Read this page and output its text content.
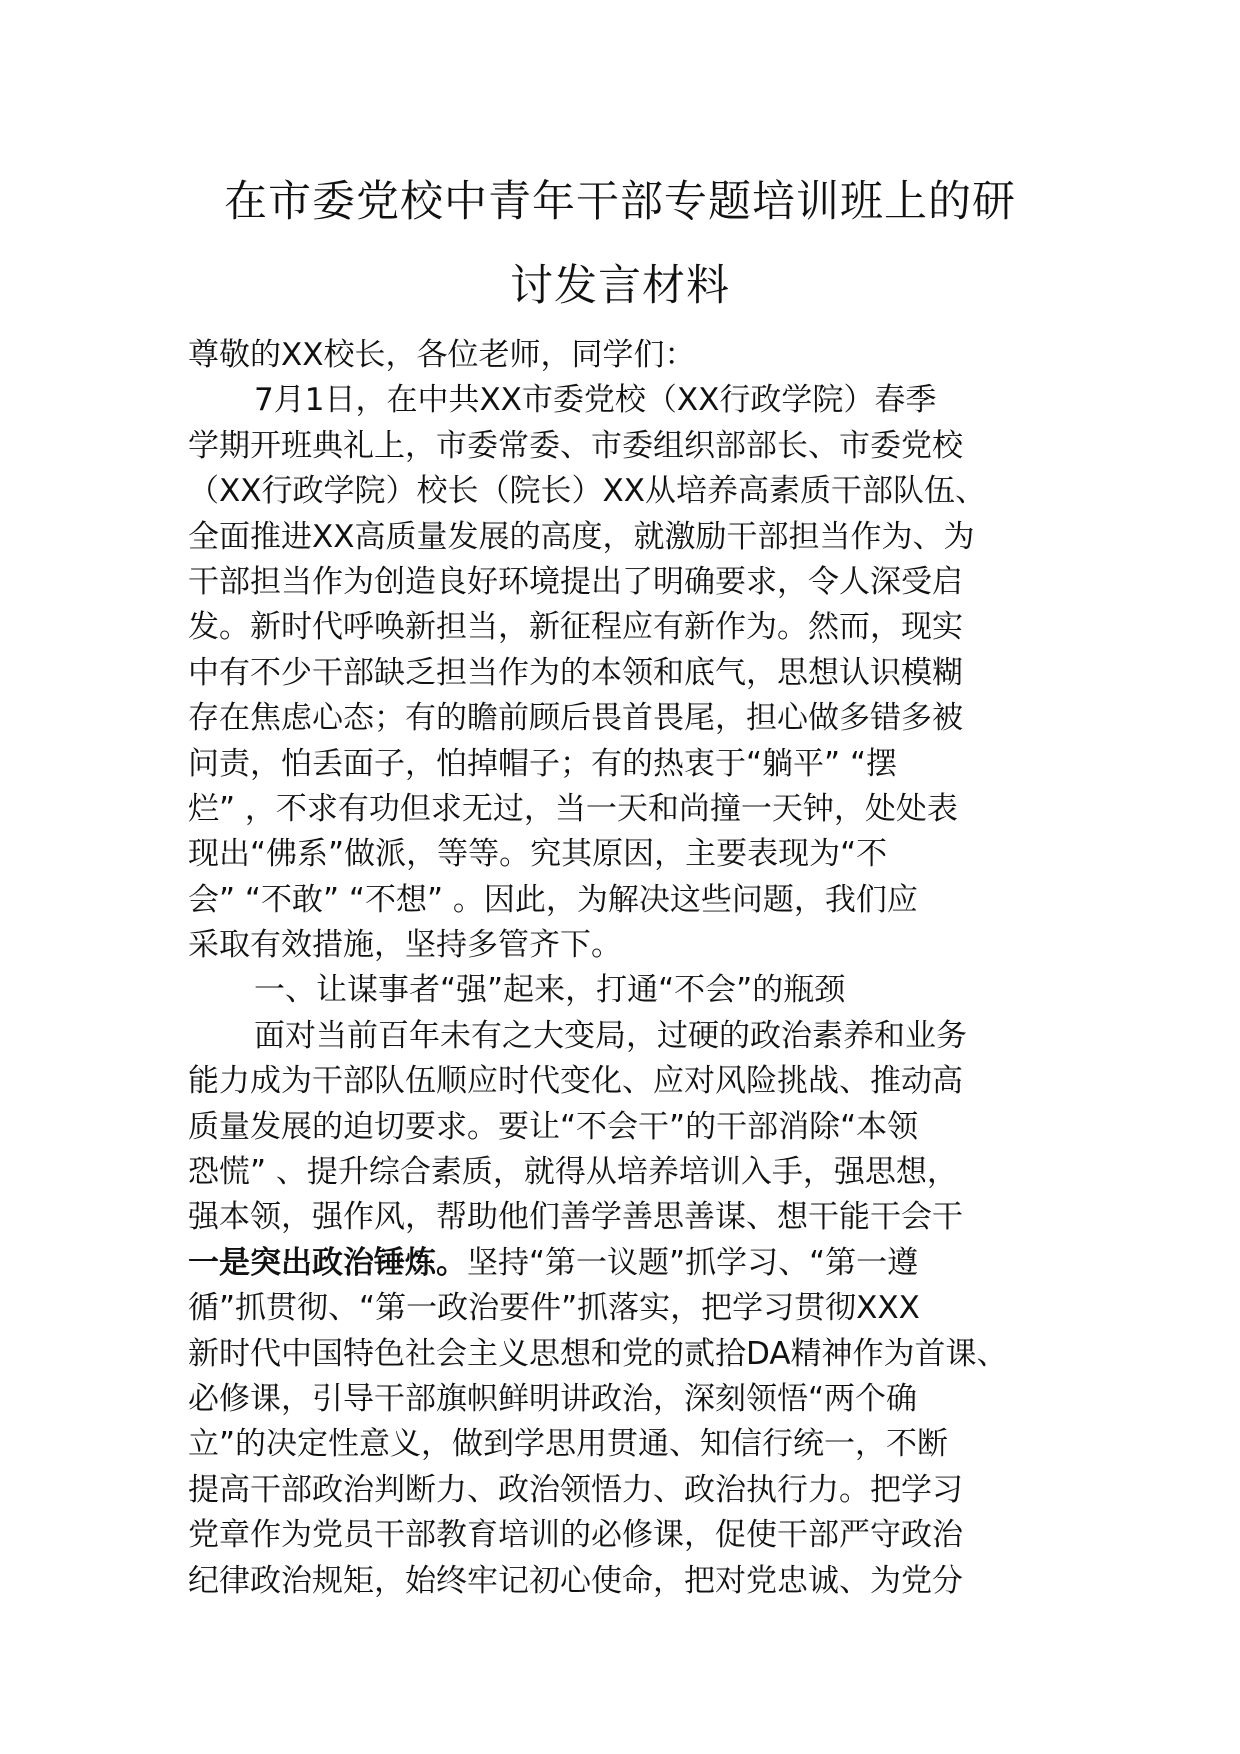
在市委党校中青年干部专题培训班上的研
讨发言材料
尊敬的XX校长，各位老师，同学们：
7月1日，在中共XX市委党校（XX行政学院）春季
学期开班典礼上，市委常委、市委组织部部长、市委党校
（XX行政学院）校长（院长）XX从培养高素质干部队伍、
全面推进XX高质量发展的高度，就激励干部担当作为、为
干部担当作为创造良好环境提出了明确要求，令人深受启
发。新时代呼唤新担当，新征程应有新作为。然而，现实
中有不少干部缺乏担当作为的本领和底气，思想认识模糊
存在焦虑心态；有的瞻前顾后畏首畏尾，担心做多错多被
问责，怕丢面子，怕掉帽子；有的热衷于“躺平” “摆
烂” ，不求有功但求无过，当一天和尚撞一天钟，处处表
现出“佛系”做派，等等。究其原因，主要表现为“不
会” “不敢” “不想” 。因此，为解决这些问题，我们应
采取有效措施，坚持多管齐下。
一、让谋事者“强”起来，打通“不会”的瓶颈
面对当前百年未有之大变局，过硬的政治素养和业务
能力成为干部队伍顺应时代变化、应对风险挑战、推动高
质量发展的迫切要求。要让“不会干”的干部消除“本领
恐慌” 、提升综合素质，就得从培养培训入手，强思想，
强本领，强作风，帮助他们善学善思善谋、想干能干会干
一是突出政治锤炼。坚持“第一议题”抓学习、“第一遵
循”抓贯彻、“第一政治要件”抓落实，把学习贯彻XXX
新时代中国特色社会主义思想和党的贰拾DA精神作为首课、
必修课，引导干部旗帜鲜明讲政治，深刻领悟“两个确
立”的决定性意义，做到学思用贯通、知信行统一，不断
提高干部政治判断力、政治领悟力、政治执行力。把学习
党章作为党员干部教育培训的必修课，促使干部严守政治
纪律政治规矩，始终牢记初心使命，把对党忠诚、为党分
